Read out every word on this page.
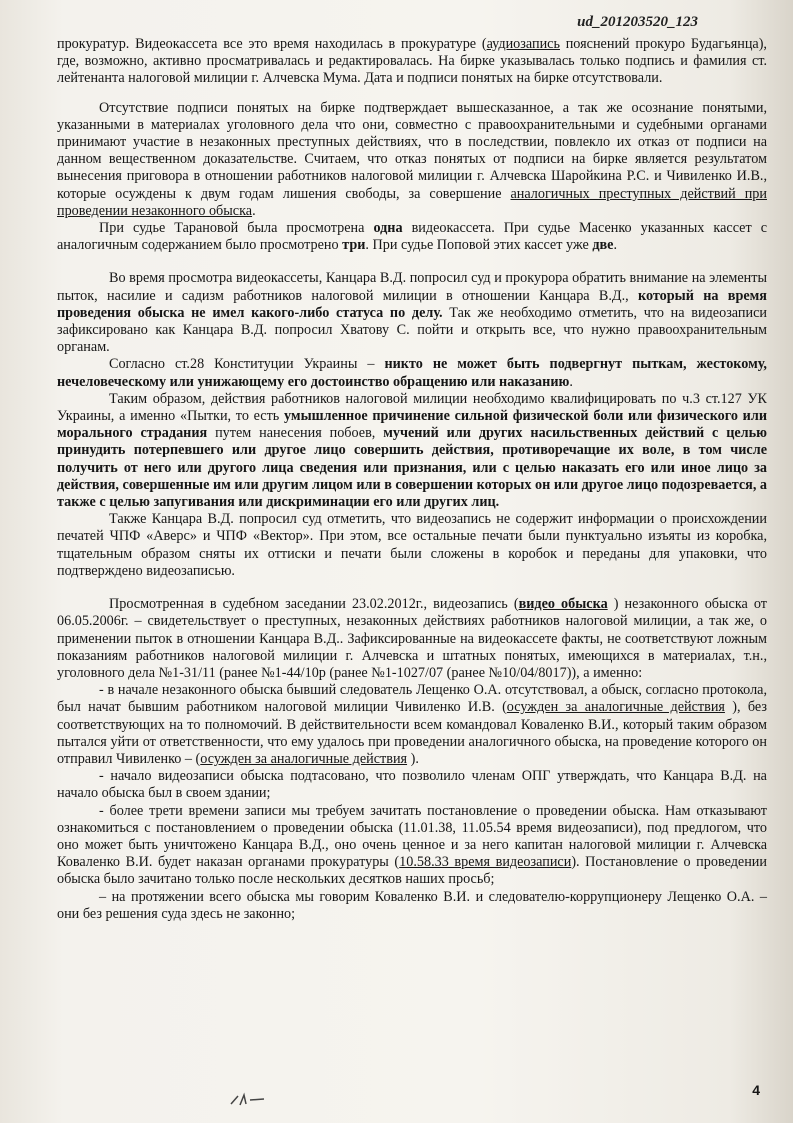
ud_201203520_123

прокуратур. Видеокассета все это время находилась в прокуратуре (аудиозапись пояснений прокуро Будагьянца), где, возможно, активно просматривалась и редактировалась. На бирке указывалась только подпись и фамилия ст. лейтенанта налоговой милиции г. Алчевска Мума. Дата и подписи понятых на бирке отсутствовали.

Отсутствие подписи понятых на бирке подтверждает вышесказанное, а так же осознание понятыми, указанными в материалах уголовного дела что они, совместно с правоохранительными и судебными органами принимают участие в незаконных преступных действиях, что в последствии, повлекло их отказ от подписи на данном вещественном доказательстве. Считаем, что отказ понятых от подписи на бирке является результатом вынесения приговора в отношении работников налоговой милиции г. Алчевска Шаройкина Р.С. и Чивиленко И.В., которые осуждены к двум годам лишения свободы, за совершение аналогичных преступных действий при проведении незаконного обыска.

При судье Тарановой была просмотрена одна видеокассета. При судье Масенко указанных кассет с аналогичным содержанием было просмотрено три. При судье Поповой этих кассет уже две.

Во время просмотра видеокассеты, Канцара В.Д. попросил суд и прокурора обратить внимание на элементы пыток, насилие и садизм работников налоговой милиции в отношении Канцара В.Д., который на время проведения обыска не имел какого-либо статуса по делу. Так же необходимо отметить, что на видеозаписи зафиксировано как Канцара В.Д. попросил Хватову С. пойти и открыть все, что нужно правоохранительным органам.

Согласно ст.28 Конституции Украины – никто не может быть подвергнут пыткам, жестокому, нечеловеческому или унижающему его достоинство обращению или наказанию.

Таким образом, действия работников налоговой милиции необходимо квалифицировать по ч.3 ст.127 УК Украины, а именно «Пытки, то есть умышленное причинение сильной физической боли или физического или морального страдания путем нанесения побоев, мучений или других насильственных действий с целью принудить потерпевшего или другое лицо совершить действия, противоречащие их воле, в том числе получить от него или другого лица сведения или признания, или с целью наказать его или иное лицо за действия, совершенные им или другим лицом или в совершении которых он или другое лицо подозревается, а также с целью запугивания или дискриминации его или других лиц.

Также Канцара В.Д. попросил суд отметить, что видеозапись не содержит информации о происхождении печатей ЧПФ «Аверс» и ЧПФ «Вектор». При этом, все остальные печати были пунктуально изъяты из коробка, тщательным образом сняты их оттиски и печати были сложены в коробок и переданы для упаковки, что подтверждено видеозаписью.

Просмотренная в судебном заседании 23.02.2012г., видеозапись (видео обыска ) незаконного обыска от 06.05.2006г. – свидетельствует о преступных, незаконных действиях работников налоговой милиции, а так же, о применении пыток в отношении Канцара В.Д.. Зафиксированные на видеокассете факты, не соответствуют ложным показаниям работников налоговой милиции г. Алчевска и штатных понятых, имеющихся в материалах, т.н., уголовного дела №1-31/11 (ранее №1-44/10р (ранее №1-1027/07 (ранее №10/04/8017)), а именно:

- в начале незаконного обыска бывший следователь Лещенко О.А. отсутствовал, а обыск, согласно протокола, был начат бывшим работником налоговой милиции Чивиленко И.В. (осужден за аналогичные действия ), без соответствующих на то полномочий. В действительности всем командовал Коваленко В.И., который таким образом пытался уйти от ответственности, что ему удалось при проведении аналогичного обыска, на проведение которого он отправил Чивиленко – (осужден за аналогичные действия ).

- начало видеозаписи обыска подтасовано, что позволило членам ОПГ утверждать, что Канцара В.Д. на начало обыска был в своем здании;

- более трети времени записи мы требуем зачитать постановление о проведении обыска. Нам отказывают ознакомиться с постановлением о проведении обыска (11.01.38, 11.05.54 время видеозаписи), под предлогом, что оно может быть уничтожено Канцара В.Д., оно очень ценное и за него капитан налоговой милиции г. Алчевска Коваленко В.И. будет наказан органами прокуратуры (10.58.33 время видеозаписи). Постановление о проведении обыска было зачитано только после нескольких десятков наших просьб;

– на протяжении всего обыска мы говорим Коваленко В.И. и следователю-коррупционеру Лещенко О.А. – они без решения суда здесь не законно;

4
